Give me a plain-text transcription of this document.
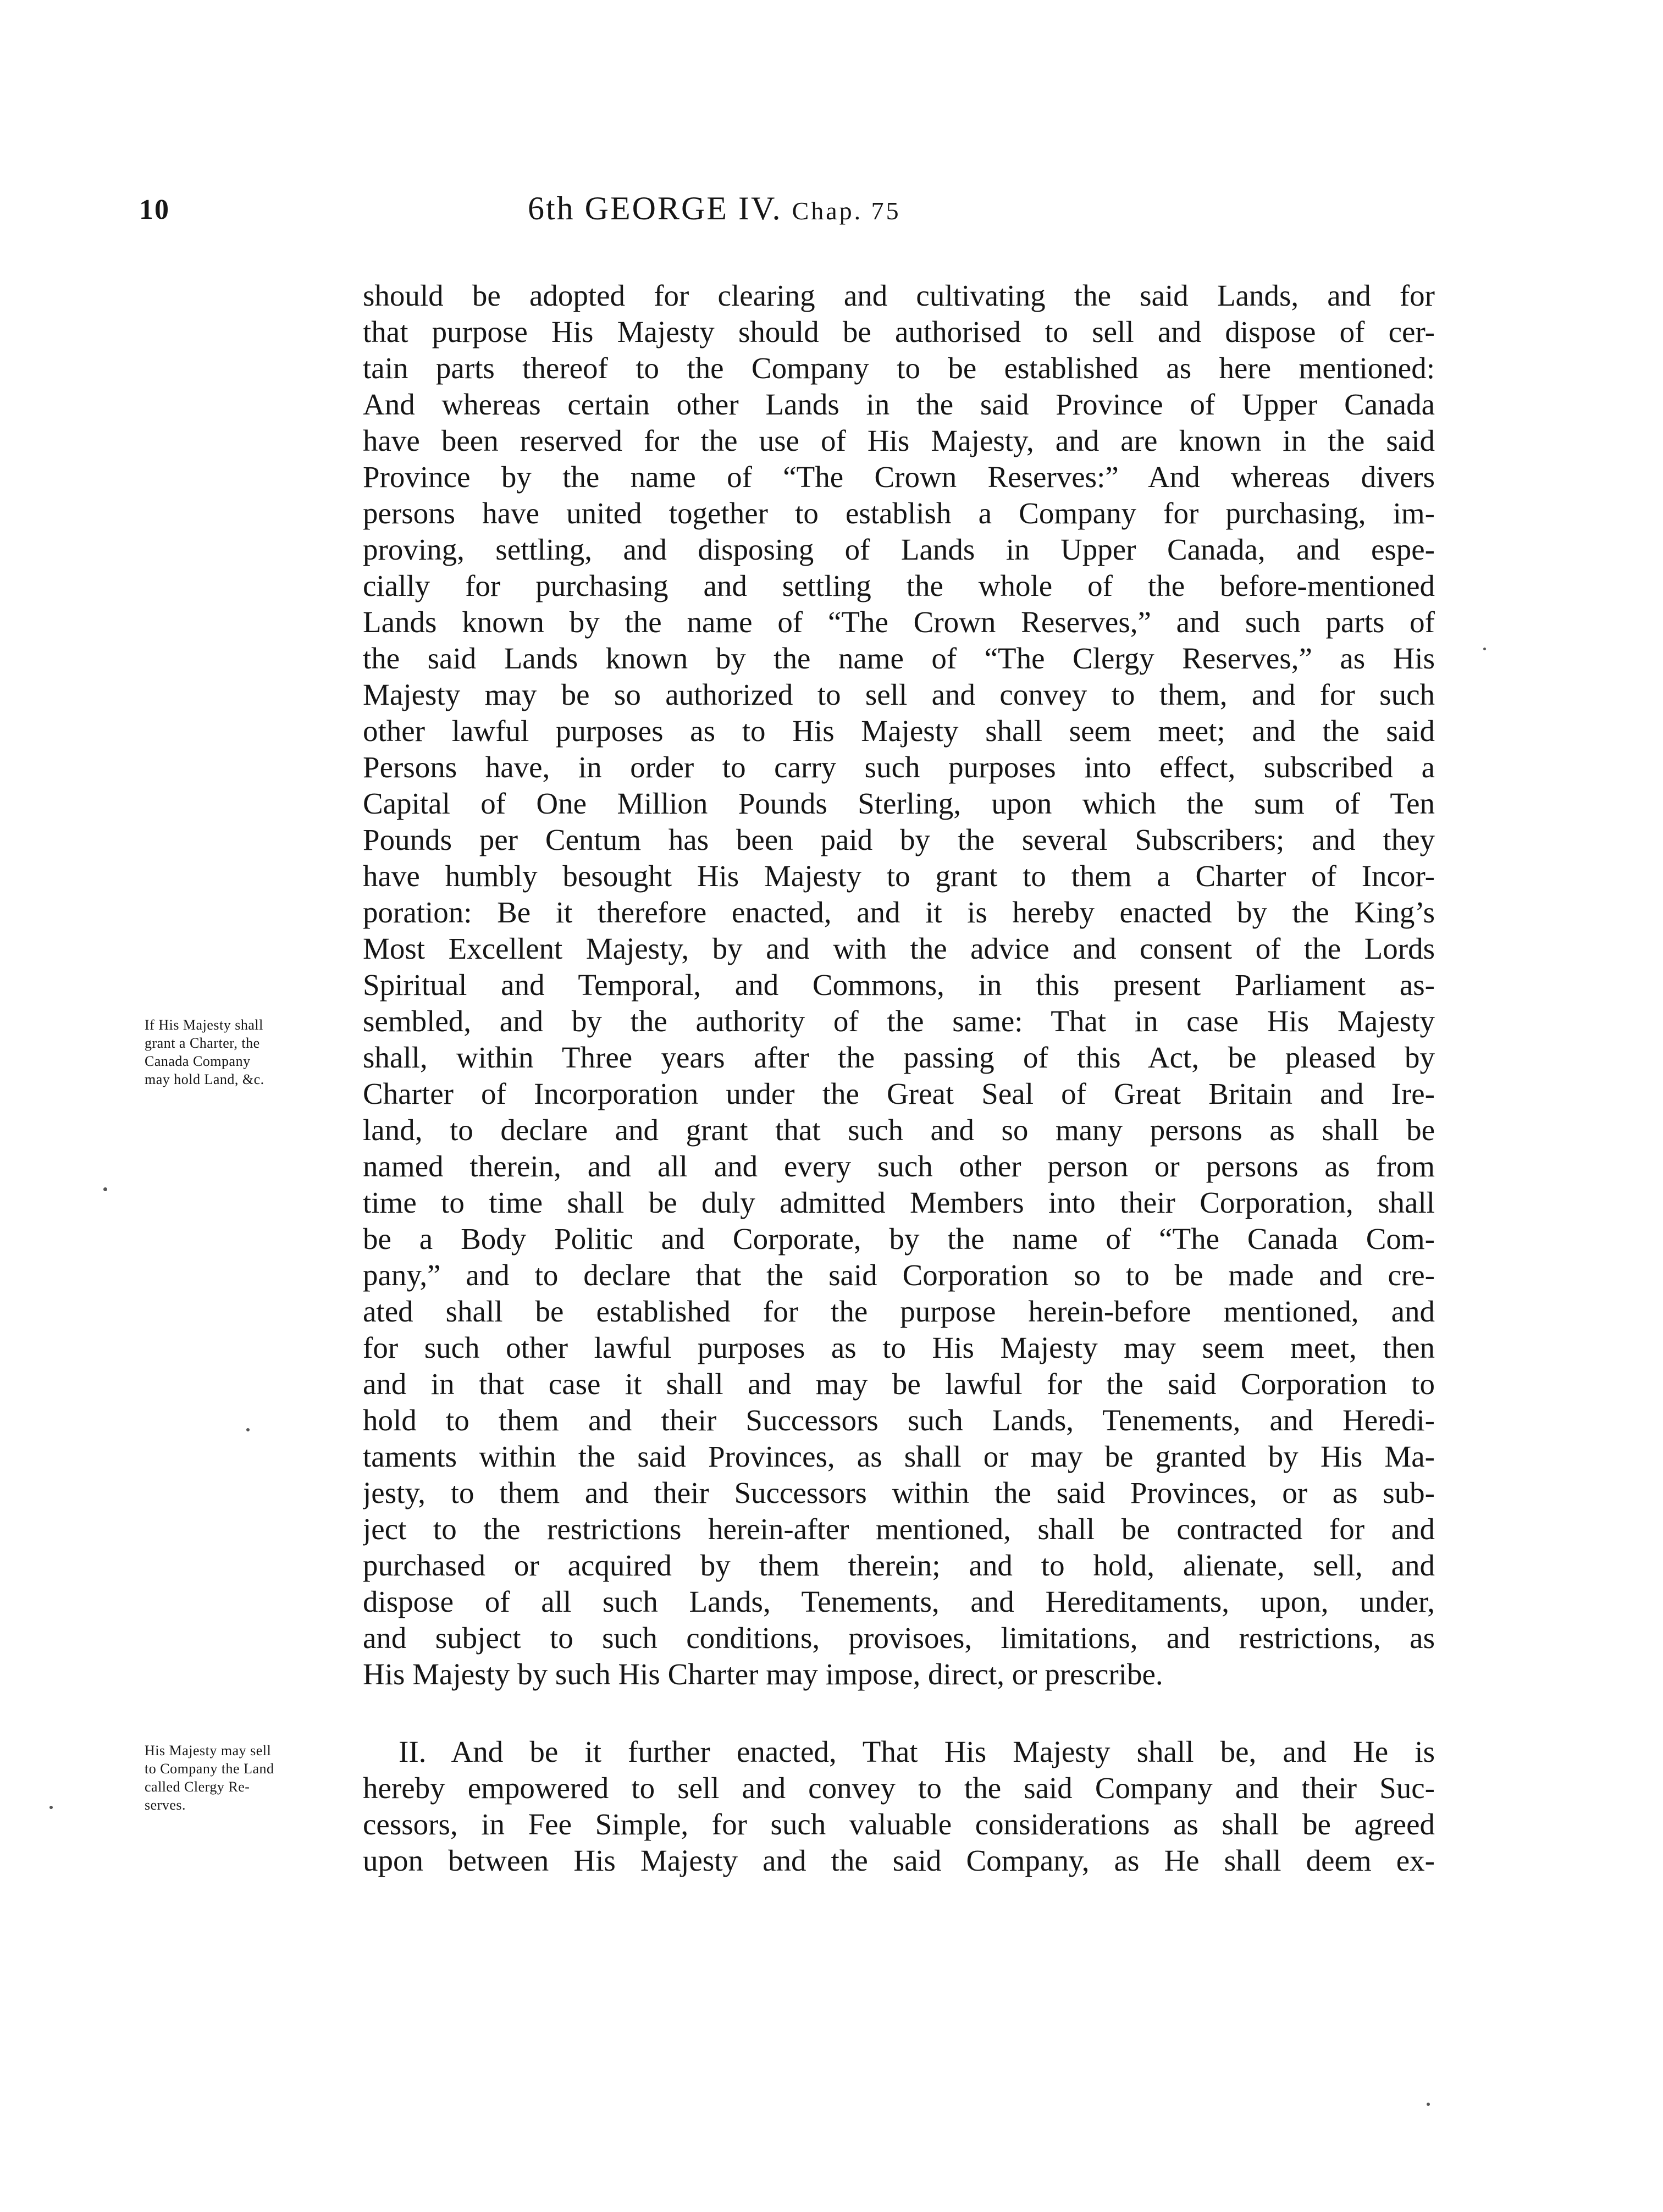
10	6th GEORGE IV. Chap. 75
should be adopted for clearing and cultivating the said Lands, and for
that purpose His Majesty should be authorised to sell and dispose of cer-
tain parts thereof to the Company to be established as here mentioned:
And whereas certain other Lands in the said Province of Upper Canada
have been reserved for the use of His Majesty, and are known in the said
Province by the name of “The Crown Reserves:” And whereas divers
persons have united together to establish a Company for purchasing, im-
proving, settling, and disposing of Lands in Upper Canada, and espe-
cially for purchasing and settling the whole of the before-mentioned
Lands known by the name of “The Crown Reserves,” and such parts of
the said Lands known by the name of “The Clergy Reserves,” as His
Majesty may be so authorized to sell and convey to them, and for such
other lawful purposes as to His Majesty shall seem meet; and the said
Persons have, in order to carry such purposes into effect, subscribed a
Capital of One Million Pounds Sterling, upon which the sum of Ten
Pounds per Centum has been paid by the several Subscribers; and they
have humbly besought His Majesty to grant to them a Charter of Incor-
poration: Be it therefore enacted, and it is hereby enacted by the King’s
Most Excellent Majesty, by and with the advice and consent of the Lords
Spiritual and Temporal, and Commons, in this present Parliament as-
sembled, and by the authority of the same: That in case His Majesty
shall, within Three years after the passing of this Act, be pleased by
Charter of Incorporation under the Great Seal of Great Britain and Ire-
land, to declare and grant that such and so many persons as shall be
named therein, and all and every such other person or persons as from
time to time shall be duly admitted Members into their Corporation, shall
be a Body Politic and Corporate, by the name of “The Canada Com-
pany,” and to declare that the said Corporation so to be made and cre-
ated shall be established for the purpose herein-before mentioned, and
for such other lawful purposes as to His Majesty may seem meet, then
and in that case it shall and may be lawful for the said Corporation to
hold to them and their Successors such Lands, Tenements, and Heredi-
taments within the said Provinces, as shall or may be granted by His Ma-
jesty, to them and their Successors within the said Provinces, or as sub-
ject to the restrictions herein-after mentioned, shall be contracted for and
purchased or acquired by them therein; and to hold, alienate, sell, and
dispose of all such Lands, Tenements, and Hereditaments, upon, under,
and subject to such conditions, provisoes, limitations, and restrictions, as
His Majesty by such His Charter may impose, direct, or prescribe.
II. And be it further enacted, That His Majesty shall be, and He is
hereby empowered to sell and convey to the said Company and their Suc-
cessors, in Fee Simple, for such valuable considerations as shall be agreed
upon between His Majesty and the said Company, as He shall deem ex-
If His Majesty shall
grant a Charter, the
Canada Company
may hold Land, &c.
His Majesty may sell
to Company the Land
called Clergy Re-
serves.
